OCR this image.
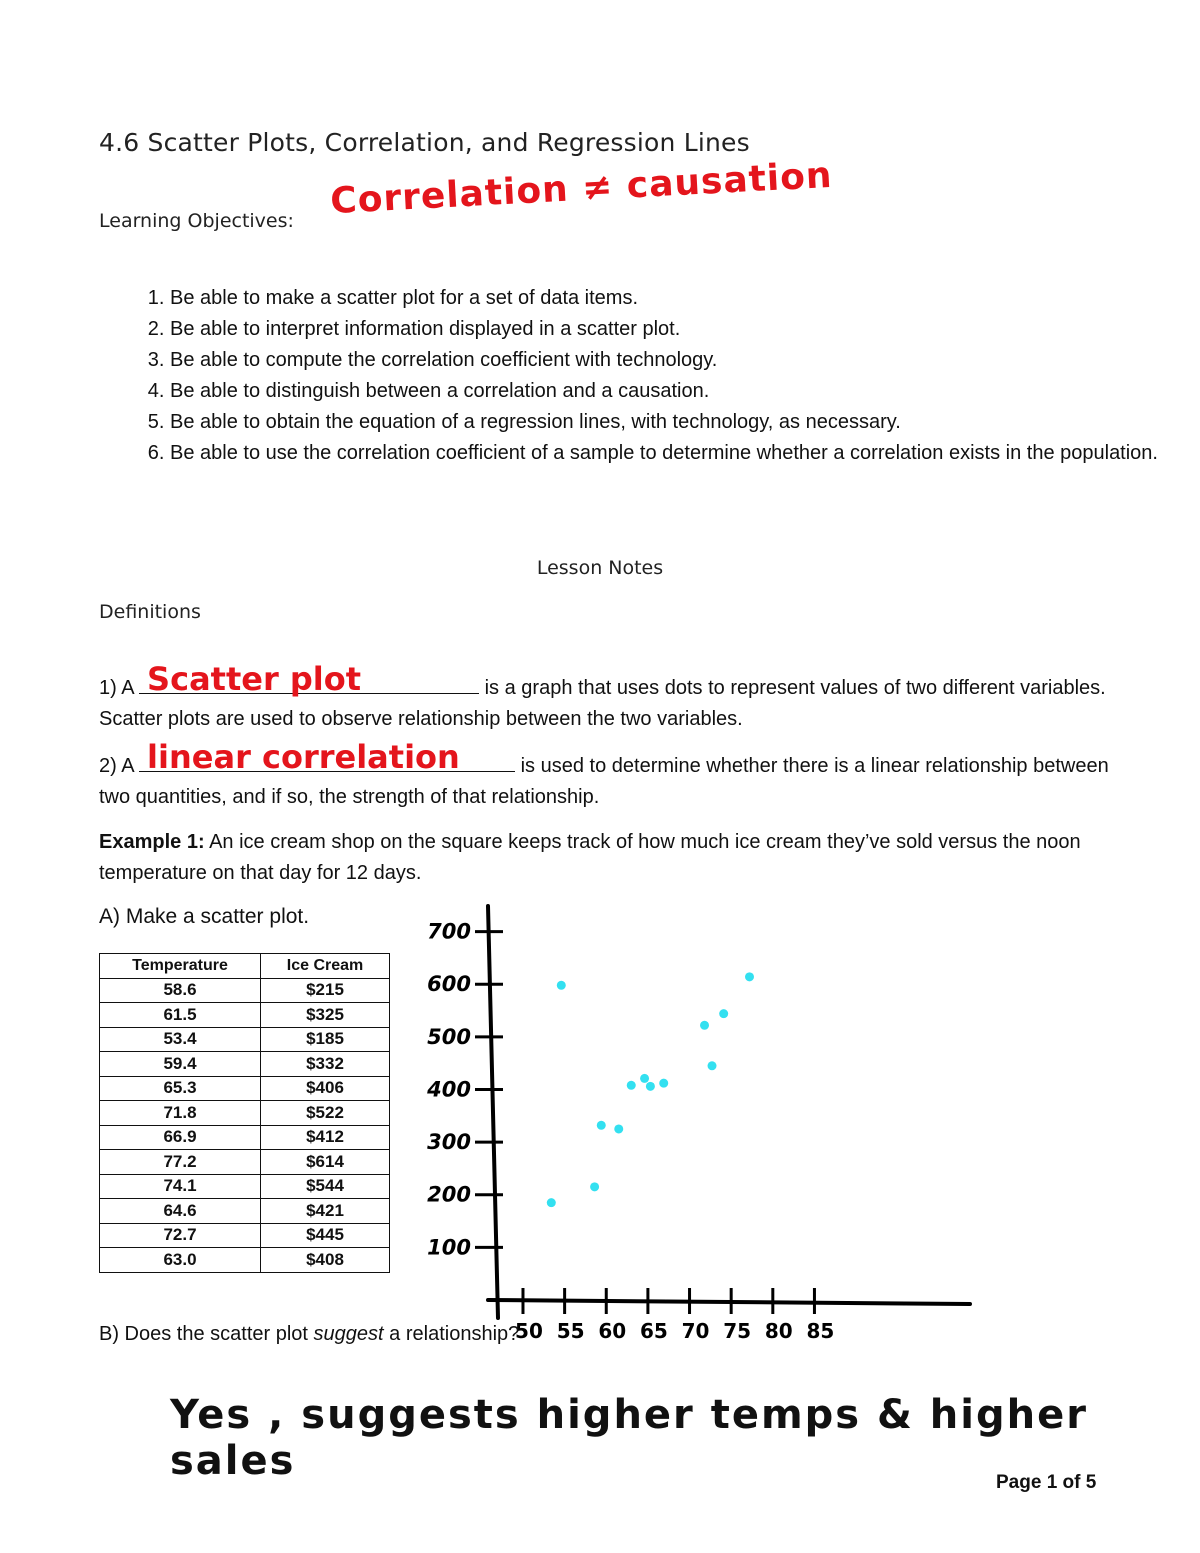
4.6 Scatter Plots, Correlation, and Regression Lines
Learning Objectives: Correlation ≠ causation
1. Be able to make a scatter plot for a set of data items.
2. Be able to interpret information displayed in a scatter plot.
3. Be able to compute the correlation coefficient with technology.
4. Be able to distinguish between a correlation and a causation.
5. Be able to obtain the equation of a regression lines, with technology, as necessary.
6. Be able to use the correlation coefficient of a sample to determine whether a correlation exists in the population.
Lesson Notes
Definitions
1) A Scatter plot	is a graph that uses dots to represent values of two different variables. Scatter plots are used to observe relationship between the two variables.
2) A linear correlation	is used to determine whether there is a linear relationship between two quantities, and if so, the strength of that relationship.
Example 1: An ice cream shop on the square keeps track of how much ice cream they’ve sold versus the noon temperature on that day for 12 days.
A) Make a scatter plot.
Temperature	Ice Cream
58.6	$215
61.5	$325
53.4	$185
59.4	$332
65.3	$406
71.8	$522
66.9	$412
77.2	$614
74.1	$544
64.6	$421
72.7	$445
63.0	$408
50 55 60 65 70 75 80 85
100
200
300
400
500
600
700
B) Does the scatter plot suggest a relationship?
Yes , suggests higher temps & higher sales	Page 1 of 5
